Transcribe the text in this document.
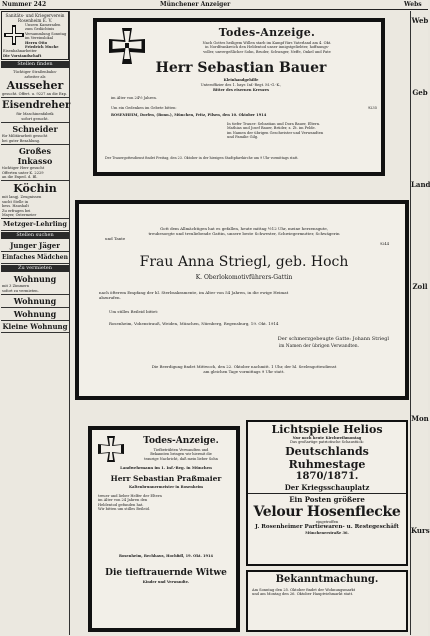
Nummer 242	Münchener Anzeiger	Webs
Sanitäts- und Kriegerverein
Rosenheim E. V.
Unsern Kameraden
zum Gedächtnis
Versammlung Sonntag
im Vereinslokal
Herrn Otto Friedrich Muche
Eisenbahnarbeiter
Die Vorstandschaft
Stellen finden
Tüchtiger Straßenbahn-
arbeiter als
Ausseher
gesucht. Offert. u. 9227 an die Exp.
Eisendreher
für Maschinenfabrik
sofort gesucht.
Schneider
für Militärarbeit gesucht
bei guter Bezahlung.
Großes Inkasso
tüchtiger Herr gesucht
Offerten unter K. 2229
an die Exped. d. Bl.
Köchin
mit langj. Zeugnissen
sucht Stelle in
bess. Haushalt
Zu erfragen bei
Mayer, Ostermeier
Metzger-Lehrling
Stellen suchen
Junger Jäger
Einfaches Mädchen
Zu vermieten
Wohnung
mit 3 Zimmern
sofort zu vermieten.
Wohnung
Wohnung
Kleine Wohnung
Todes-Anzeige.
Nach Gottes heiligem Willen starb im Kampf fürs Vaterland am 4. Okt.
in Nordfrankreich den Heldentod unser innigstgeliebter, hoffnungs-
voller, unvergeßlicher Sohn, Bruder, Schwager, Neffe, Onkel und Pate
Herr Sebastian Bauer
Kleinhandgehilfe
Unteroffizier des 1. bayr. Inf.-Regt. M.-G.-K.,
Ritter des eisernen Kreuzes
im Alter von 24½ Jahren.
Um ein Gedenken im Gebete bitten:	9235
ROSENHEIM, Dorfen, (Bonn.), München, Fritz, Pilsen, den 10. Oktober 1914
In tiefer Trauer: Sebastian und Dora Bauer, Eltern.
Mathias und Josef Bauer, Brüder, z. Zt. im Felde.
im Namen der übrigen Geschwister und Verwandten
und Familie Gilg.
Der Trauergottesdienst findet Freitag, den 23. Oktober in der hiesigen Stadtpfarrkirche um 9 Uhr vormittags statt.
Gott dem Allmächtigen hat es gefallen, heute mittag ½12 Uhr, meine herzensgute,
treubesorgte und treuliebende Gattin, unsere beste Schwester, Schwiegermutter, Schwägerin
und Tante
9244
Frau Anna Striegl, geb. Hoch
K. Oberlokomotivführers-Gattin
nach öfterem Empfang der hl. Sterbsakramente, im Alter von 54 Jahren, in die ewige Heimat
abzurufen.
Um stilles Beileid bittet:
Rosenheim, Vohenstrauß, Weiden, München, Nürnberg, Regensburg, 19. Okt. 1914
Der schmerzgebeugte Gatte: Johann Striegl
im Namen der übrigen Verwandten.
Die Beerdigung findet Mittwoch, den 22. Oktober nachmitt. 1 Uhr, der hl. Seelengottesdienst
am gleichen Tage vormittags 9 Uhr statt.
Todes-Anzeige.
Tiefbetrübten Verwandten und
Bekannten bringen wir hiermit die
traurige Nachricht, daß mein lieber Sohn
Landwehrmann im 1. Inf.-Reg. in München
Herr Sebastian Praßmaier
Kaltenbrunnermeister in Rosenheim
treuer und lieber Helfer der Eltern
im Alter von 24 Jahren den
Heldentod gefunden hat.
Wir bitten um stilles Beileid.
Rosenheim, Bechhaus, Hochfidl, 19. Okt. 1914
Die tieftrauernde Witwe
Kinder und Verwandte.
Lichtspiele Helios
Nur noch heute Kirchweihmontag
Das großartige patriotische Schaustück:
Deutschlands Ruhmestage
1870/1871.
Der Kriegsschauplatz
Ein Posten größere
Velour Hosenflecke
eingetroffen
J. Rosenheimer Partiewaren- u. Restegeschäft
Münchenerstraße 36.
Bekanntmachung.
Am Sonntag den 25. Oktober findet der Wohnungsmarkt
und am Montag den 26. Oktober Hauptviehmarkt statt.
Web
Geb
Land
Zoll
Mon
Kurs
